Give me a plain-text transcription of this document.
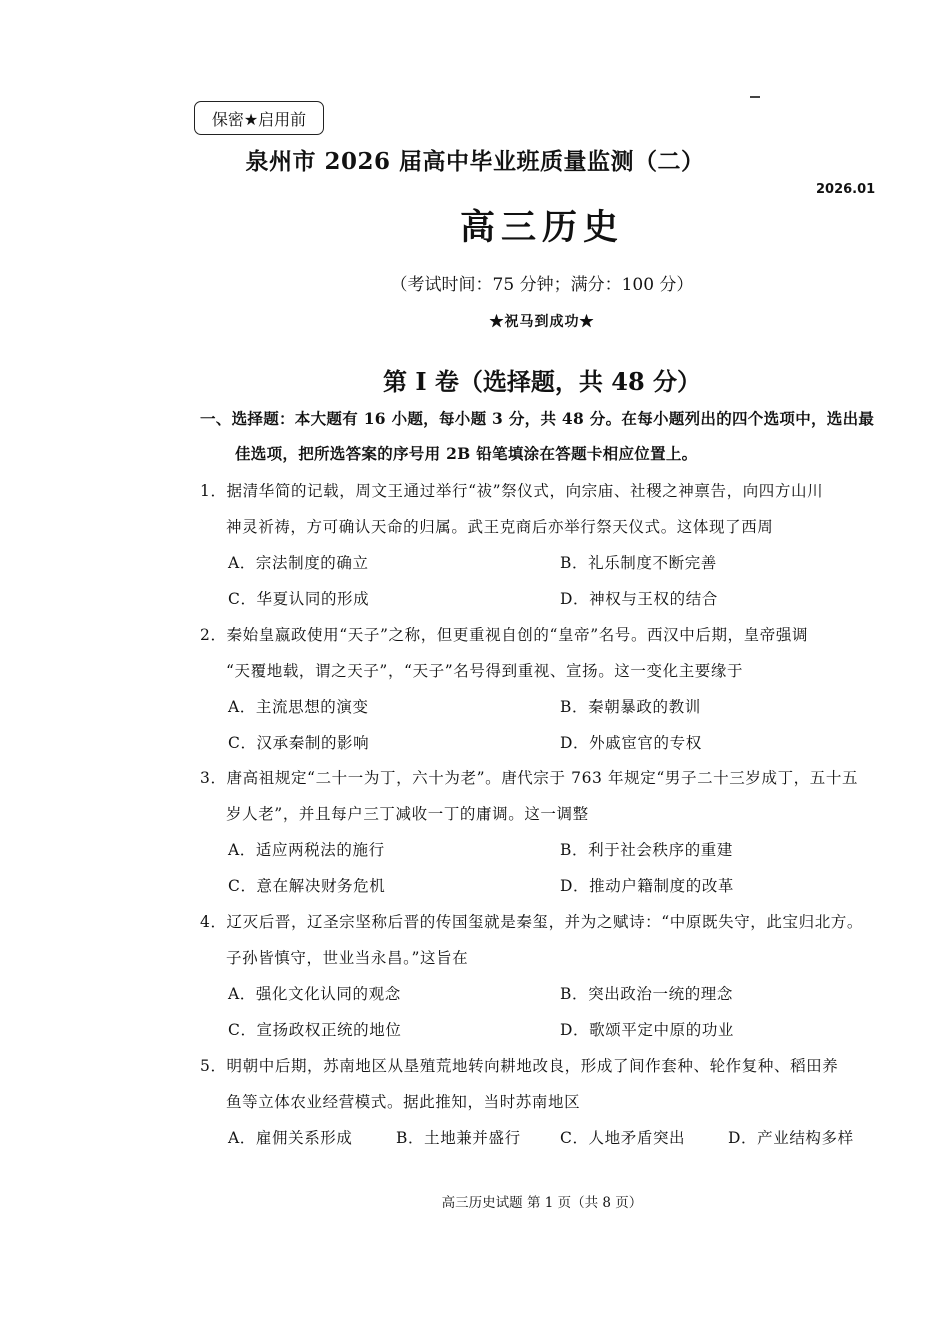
保密★启用前
泉州市 2026 届高中毕业班质量监测（二）
2026.01
高三历史
（考试时间：75 分钟；满分：100 分）
★祝马到成功★
第 I 卷（选择题，共 48 分）
一、选择题：本大题有 16 小题，每小题 3 分，共 48 分。在每小题列出的四个选项中，选出最
佳选项，把所选答案的序号用 2B 铅笔填涂在答题卡相应位置上。
1．据清华简的记载，周文王通过举行“祓”祭仪式，向宗庙、社稷之神禀告，向四方山川
神灵祈祷，方可确认天命的归属。武王克商后亦举行祭天仪式。这体现了西周
A．宗法制度的确立	B．礼乐制度不断完善
C．华夏认同的形成	D．神权与王权的结合
2．秦始皇嬴政使用“天子”之称，但更重视自创的“皇帝”名号。西汉中后期，皇帝强调
“天覆地载，谓之天子”，“天子”名号得到重视、宣扬。这一变化主要缘于
A．主流思想的演变	B．秦朝暴政的教训
C．汉承秦制的影响	D．外戚宦官的专权
3．唐高祖规定“二十一为丁，六十为老”。唐代宗于 763 年规定“男子二十三岁成丁，五十五
岁人老”，并且每户三丁减收一丁的庸调。这一调整
A．适应两税法的施行	B．利于社会秩序的重建
C．意在解决财务危机	D．推动户籍制度的改革
4．辽灭后晋，辽圣宗坚称后晋的传国玺就是秦玺，并为之赋诗：“中原既失守，此宝归北方。
子孙皆慎守，世业当永昌。”这旨在
A．强化文化认同的观念	B．突出政治一统的理念
C．宣扬政权正统的地位	D．歌颂平定中原的功业
5．明朝中后期，苏南地区从垦殖荒地转向耕地改良，形成了间作套种、轮作复种、稻田养
鱼等立体农业经营模式。据此推知，当时苏南地区
A．雇佣关系形成	B．土地兼并盛行	C．人地矛盾突出	D．产业结构多样
高三历史试题 第 1 页（共 8 页）
